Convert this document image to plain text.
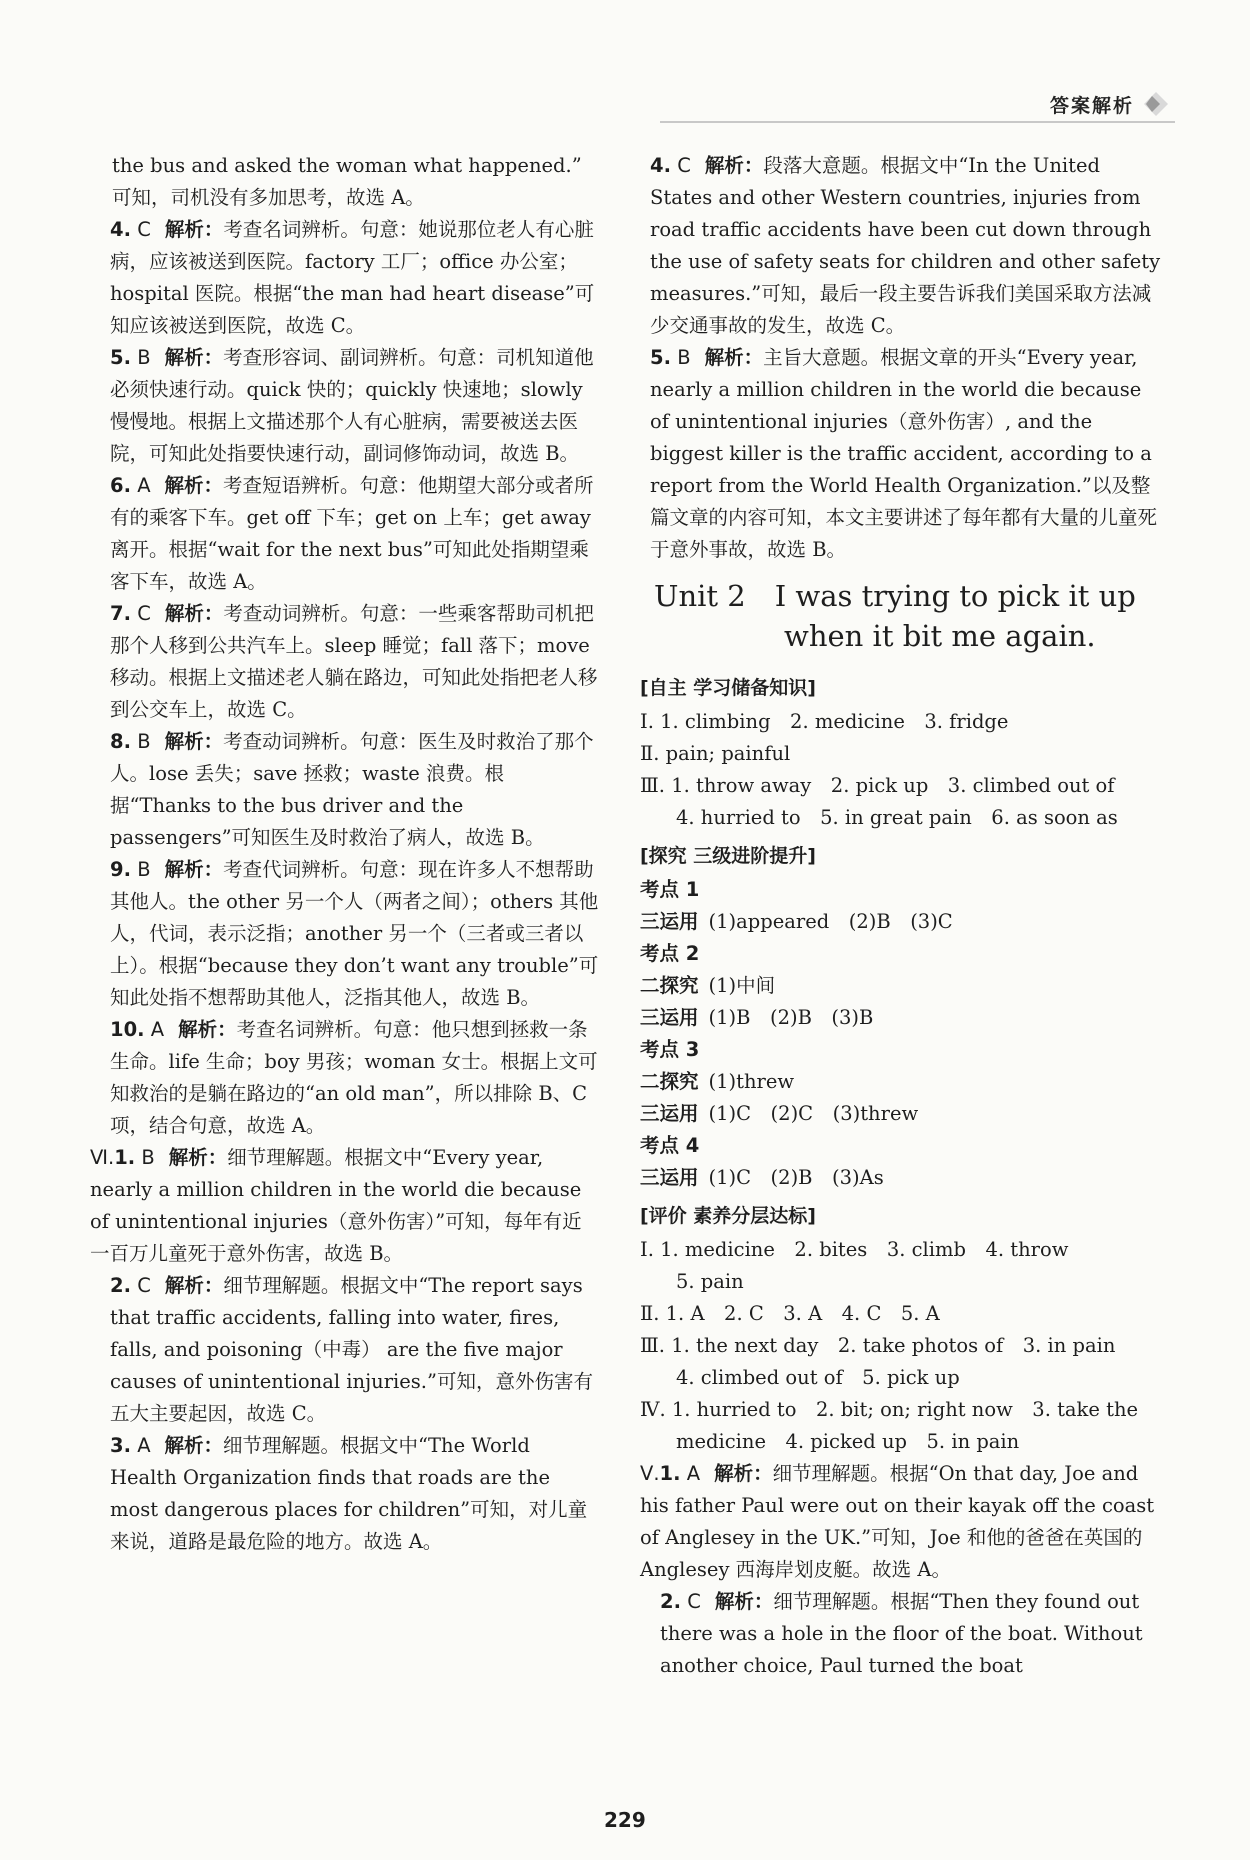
答案解析

the bus and asked the woman what happened.”

可知，司机没有多加思考，故选 A。

4. C 解析：考查名词辨析。句意：她说那位老人有心脏病，应该被送到医院。factory 工厂；office 办公室；hospital 医院。根据“the man had heart disease”可知应该被送到医院，故选 C。
5. B 解析：考查形容词、副词辨析。句意：司机知道他必须快速行动。quick 快的；quickly 快速地；slowly 慢慢地。根据上文描述那个人有心脏病，需要被送去医院，可知此处指要快速行动，副词修饰动词，故选 B。
6. A 解析：考查短语辨析。句意：他期望大部分或者所有的乘客下车。get off 下车；get on 上车；get away 离开。根据“wait for the next bus”可知此处指期望乘客下车，故选 A。
7. C 解析：考查动词辨析。句意：一些乘客帮助司机把那个人移到公共汽车上。sleep 睡觉；fall 落下；move 移动。根据上文描述老人躺在路边，可知此处指把老人移到公交车上，故选 C。
8. B 解析：考查动词辨析。句意：医生及时救治了那个人。lose 丢失；save 拯救；waste 浪费。根据“Thanks to the bus driver and the passengers”可知医生及时救治了病人，故选 B。
9. B 解析：考查代词辨析。句意：现在许多人不想帮助其他人。the other 另一个人（两者之间）；others 其他人，代词，表示泛指；another 另一个（三者或三者以上）。根据“because they don’t want any trouble”可知此处指不想帮助其他人，泛指其他人，故选 B。
10. A 解析：考查名词辨析。句意：他只想到拯救一条生命。life 生命；boy 男孩；woman 女士。根据上文可知救治的是躺在路边的“an old man”，所以排除 B、C 项，结合句意，故选 A。
Ⅵ.1. B 解析：细节理解题。根据文中“Every year, nearly a million children in the world die because of unintentional injuries（意外伤害）”可知，每年有近一百万儿童死于意外伤害，故选 B。
2. C 解析：细节理解题。根据文中“The report says that traffic accidents, falling into water, fires, falls, and poisoning（中毒） are the five major causes of unintentional injuries.”可知，意外伤害有五大主要起因，故选 C。
3. A 解析：细节理解题。根据文中“The World Health Organization finds that roads are the most dangerous places for children”可知，对儿童来说，道路是最危险的地方。故选 A。
4. C 解析：段落大意题。根据文中“In the United States and other Western countries, injuries from road traffic accidents have been cut down through the use of safety seats for children and other safety measures.”可知，最后一段主要告诉我们美国采取方法减少交通事故的发生，故选 C。
5. B 解析：主旨大意题。根据文章的开头“Every year, nearly a million children in the world die because of unintentional injuries（意外伤害）, and the biggest killer is the traffic accident, according to a report from the World Health Organization.”以及整篇文章的内容可知，本文主要讲述了每年都有大量的儿童死于意外事故，故选 B。
Unit 2　I was trying to pick it up
when it bit me again.
[自主 学习储备知识]

Ⅰ. 1. climbing　2. medicine　3. fridge

Ⅱ. pain; painful

Ⅲ. 1. throw away　2. pick up　3. climbed out of

4. hurried to　5. in great pain　6. as soon as

[探究 三级进阶提升]

考点 1

三运用 (1)appeared　(2)B　(3)C

考点 2

二探究 (1)中间

三运用 (1)B　(2)B　(3)B

考点 3

二探究 (1)threw

三运用 (1)C　(2)C　(3)threw

考点 4

三运用 (1)C　(2)B　(3)As

[评价 素养分层达标]

Ⅰ. 1. medicine　2. bites　3. climb　4. throw

5. pain

Ⅱ. 1. A　2. C　3. A　4. C　5. A

Ⅲ. 1. the next day　2. take photos of　3. in pain

4. climbed out of　5. pick up

Ⅳ. 1. hurried to　2. bit; on; right now　3. take the

medicine　4. picked up　5. in pain

Ⅴ.1. A 解析：细节理解题。根据“On that day, Joe and his father Paul were out on their kayak off the coast of Anglesey in the UK.”可知，Joe 和他的爸爸在英国的 Anglesey 西海岸划皮艇。故选 A。
2. C 解析：细节理解题。根据“Then they found out there was a hole in the floor of the boat. Without another choice, Paul turned the boat
229
